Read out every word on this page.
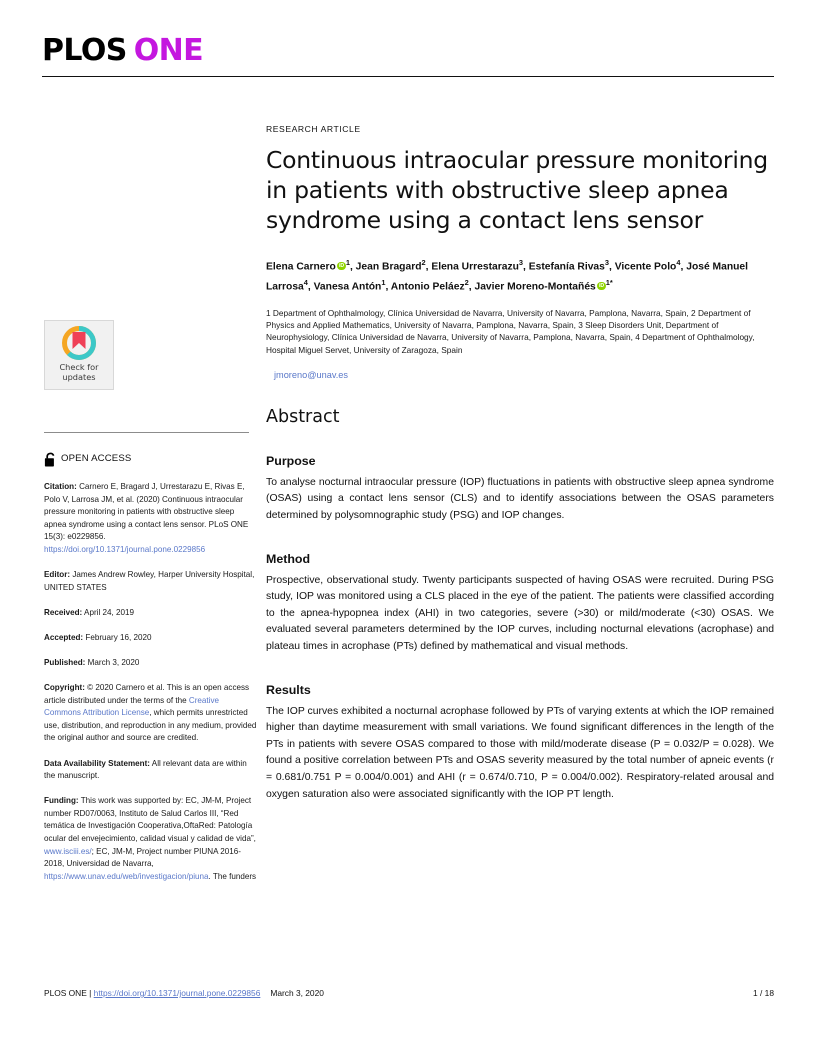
PLOS ONE
Check for
updates
OPEN ACCESS
Citation: Carnero E, Bragard J, Urrestarazu E, Rivas E, Polo V, Larrosa JM, et al. (2020) Continuous intraocular pressure monitoring in patients with obstructive sleep apnea syndrome using a contact lens sensor. PLoS ONE 15(3): e0229856. https://doi.org/10.1371/journal.pone.0229856
Editor: James Andrew Rowley, Harper University Hospital, UNITED STATES
Received: April 24, 2019
Accepted: February 16, 2020
Published: March 3, 2020
Copyright: © 2020 Carnero et al. This is an open access article distributed under the terms of the Creative Commons Attribution License, which permits unrestricted use, distribution, and reproduction in any medium, provided the original author and source are credited.
Data Availability Statement: All relevant data are within the manuscript.
Funding: This work was supported by: EC, JM-M, Project number RD07/0063, Instituto de Salud Carlos III, “Red temática de Investigación Cooperativa,OftaRed: Patología ocular del envejecimiento, calidad visual y calidad de vida”, www.isciii.es/; EC, JM-M, Project number PIUNA 2016-2018, Universidad de Navarra, https://www.unav.edu/web/investigacion/piuna. The funders
RESEARCH ARTICLE
Continuous intraocular pressure monitoring in patients with obstructive sleep apnea syndrome using a contact lens sensor
Elena Carnero iD $^1$, Jean Bragard$^2$, Elena Urrestarazu$^3$, Estefanía Rivas$^3$, Vicente Polo$^4$, José Manuel Larrosa$^4$, Vanesa Antón$^1$, Antonio Peláez$^2$, Javier Moreno-Montañés iD $^{1*}$
1 Department of Ophthalmology, Clínica Universidad de Navarra, University of Navarra, Pamplona, Navarra, Spain, 2 Department of Physics and Applied Mathematics, University of Navarra, Pamplona, Navarra, Spain, 3 Sleep Disorders Unit, Department of Neurophysiology, Clínica Universidad de Navarra, University of Navarra, Pamplona, Navarra, Spain, 4 Department of Ophthalmology, Hospital Miguel Servet, University of Zaragoza, Spain
jmoreno@unav.es
Abstract
Purpose

To analyse nocturnal intraocular pressure (IOP) fluctuations in patients with obstructive sleep apnea syndrome (OSAS) using a contact lens sensor (CLS) and to identify associations between the OSAS parameters determined by polysomnographic study (PSG) and IOP changes.

Method

Prospective, observational study. Twenty participants suspected of having OSAS were recruited. During PSG study, IOP was monitored using a CLS placed in the eye of the patient. The patients were classified according to the apnea-hypopnea index (AHI) in two categories, severe (>30) or mild/moderate (<30) OSAS. We evaluated several parameters determined by the IOP curves, including nocturnal elevations (acrophase) and plateau times in acrophase (PTs) defined by mathematical and visual methods.

Results

The IOP curves exhibited a nocturnal acrophase followed by PTs of varying extents at which the IOP remained higher than daytime measurement with small variations. We found significant differences in the length of the PTs in patients with severe OSAS compared to those with mild/moderate disease (P = 0.032/P = 0.028). We found a positive correlation between PTs and OSAS severity measured by the total number of apneic events (r = 0.681/0.751 P = 0.004/0.001) and AHI (r = 0.674/0.710, P = 0.004/0.002). Respiratory-related arousal and oxygen saturation also were associated significantly with the IOP PT length.

PLOS ONE | https://doi.org/10.1371/journal.pone.0229856 March 3, 2020	1 / 18
